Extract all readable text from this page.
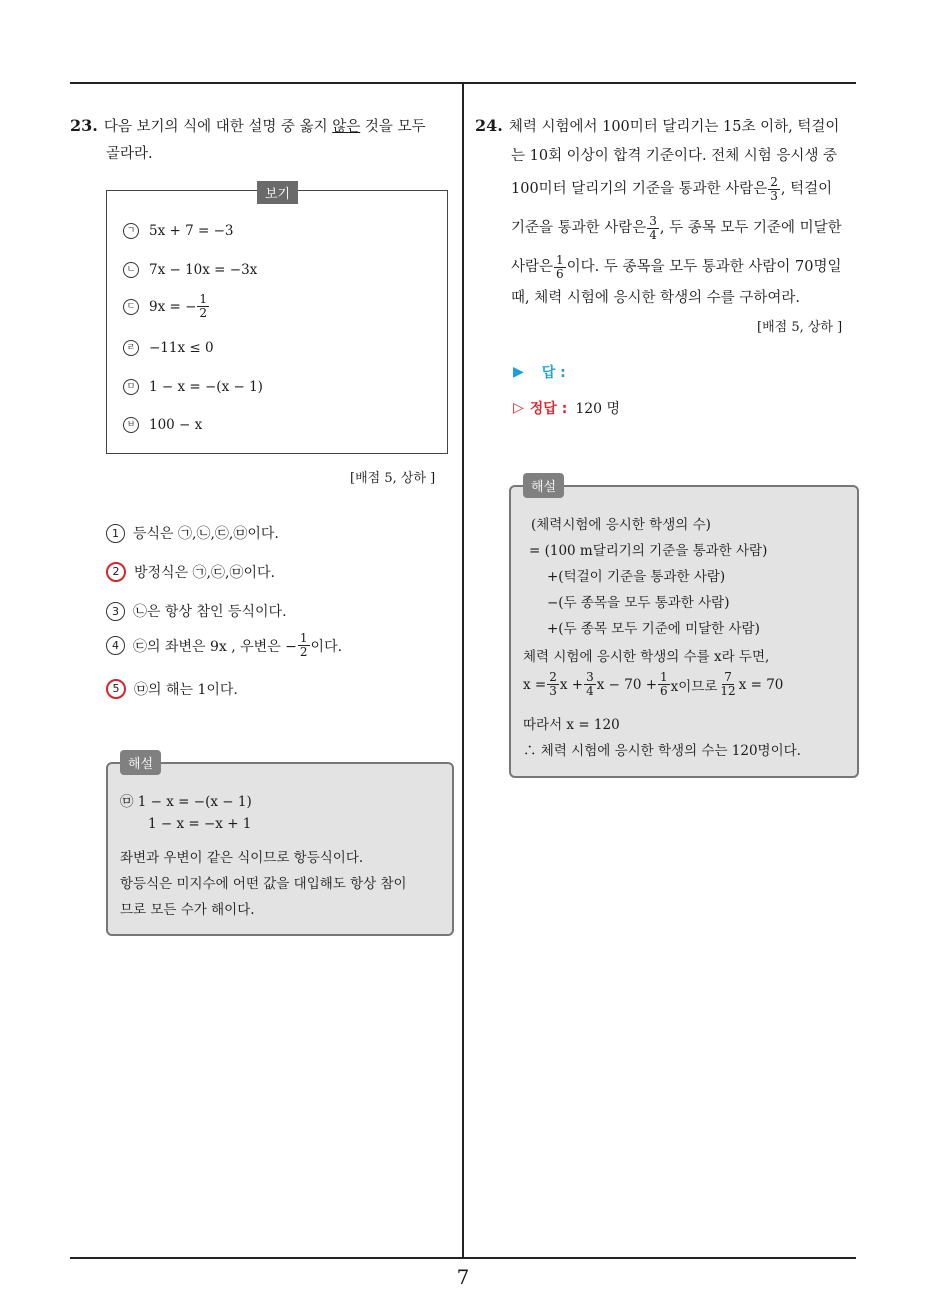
23. 다음 보기의 식에 대한 설명 중 옳지 않은 것을 모두
골라라.
보기
ㄱ 5x + 7 = −3
ㄴ 7x − 10x = −3x
ㄷ 9x = − $\frac{1}{2}$
ㄹ −11x ≤ 0
ㅁ 1 − x = −(x − 1)
ㅂ 100 − x
[배점 5, 상하 ]
1	등식은 ㉠,㉡,㉢,㉤이다.
2	방정식은 ㉠,㉢,㉤이다.
3	㉡은 항상 참인 등식이다.
4	㉢의 좌변은 9x , 우변은 − $\frac{1}{2}$ 이다.
5	㉤의 해는 1이다.
해설
㉤ 1 − x = −(x − 1)
1 − x = −x + 1
좌변과 우변이 같은 식이므로 항등식이다.
항등식은 미지수에 어떤 값을 대입해도 항상 참이
므로 모든 수가 해이다.
24. 체력 시험에서 100미터 달리기는 15초 이하, 턱걸이
는 10회 이상이 합격 기준이다. 전체 시험 응시생 중
100미터 달리기의 기준을 통과한 사람은 $\frac{2}{3}$ , 턱걸이
기준을 통과한 사람은 $\frac{3}{4}$ , 두 종목 모두 기준에 미달한
사람은 $\frac{1}{6}$ 이다. 두 종목을 모두 통과한 사람이 70명일
때, 체력 시험에 응시한 학생의 수를 구하여라.
[배점 5, 상하 ]
▶ 답 :
▷ 정답 : 120 명
해설
(체력시험에 응시한 학생의 수)
= (100 m달리기의 기준을 통과한 사람)
+(턱걸이 기준을 통과한 사람)
−(두 종목을 모두 통과한 사람)
+(두 종목 모두 기준에 미달한 사람)
체력 시험에 응시한 학생의 수를 x라 두면,
$x = \frac{2}{3}$ $x + \frac{3}{4}$ $x - 70 + \frac{1}{6}$ x이므로 $\frac{7}{12}$ x = 70
따라서 x = 120
∴ 체력 시험에 응시한 학생의 수는 120명이다.
7
